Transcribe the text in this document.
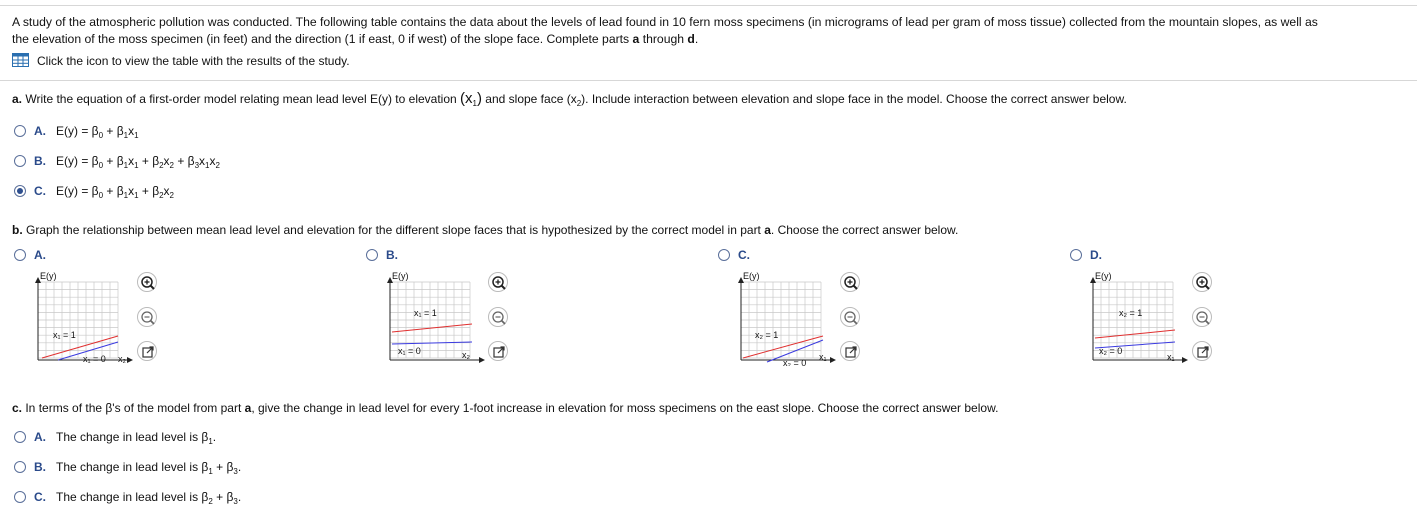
A study of the atmospheric pollution was conducted. The following table contains the data about the levels of lead found in 10 fern moss specimens (in micrograms of lead per gram of moss tissue) collected from the mountain slopes, as well as
the elevation of the moss specimen (in feet) and the direction (1 if east, 0 if west) of the slope face. Complete parts a through d.
Click the icon to view the table with the results of the study.
a. Write the equation of a first-order model relating mean lead level E(y) to elevation $(x_1)$ and slope face $(x_2)$. Include interaction between elevation and slope face in the model. Choose the correct answer below.
A. $E(y) = \beta_0 + \beta_1x_1$
B. $E(y) = \beta_0 + \beta_1x_1 + \beta_2x_2 + \beta_3x_1x_2$
C. $E(y) = \beta_0 + \beta_1x_1 + \beta_2x_2$
b. Graph the relationship between mean lead level and elevation for the different slope faces that is hypothesized by the correct model in part a. Choose the correct answer below.
A.
E(y)
x₁ = 1
x₁ = 0 x₂
B.
E(y)
x₁ = 1
x₁ = 0	x₂
C.
E(y)
x₂ = 1
x₂ = 0
x₁
D.
E(y)
x₂ = 1
x₂ = 0
x₁
c. In terms of the β's of the model from part a, give the change in lead level for every 1-foot increase in elevation for moss specimens on the east slope. Choose the correct answer below.
A. The change in lead level is $\beta_1$.
B. The change in lead level is $\beta_1 + \beta_3$.
C. The change in lead level is $\beta_2 + \beta_3$.
